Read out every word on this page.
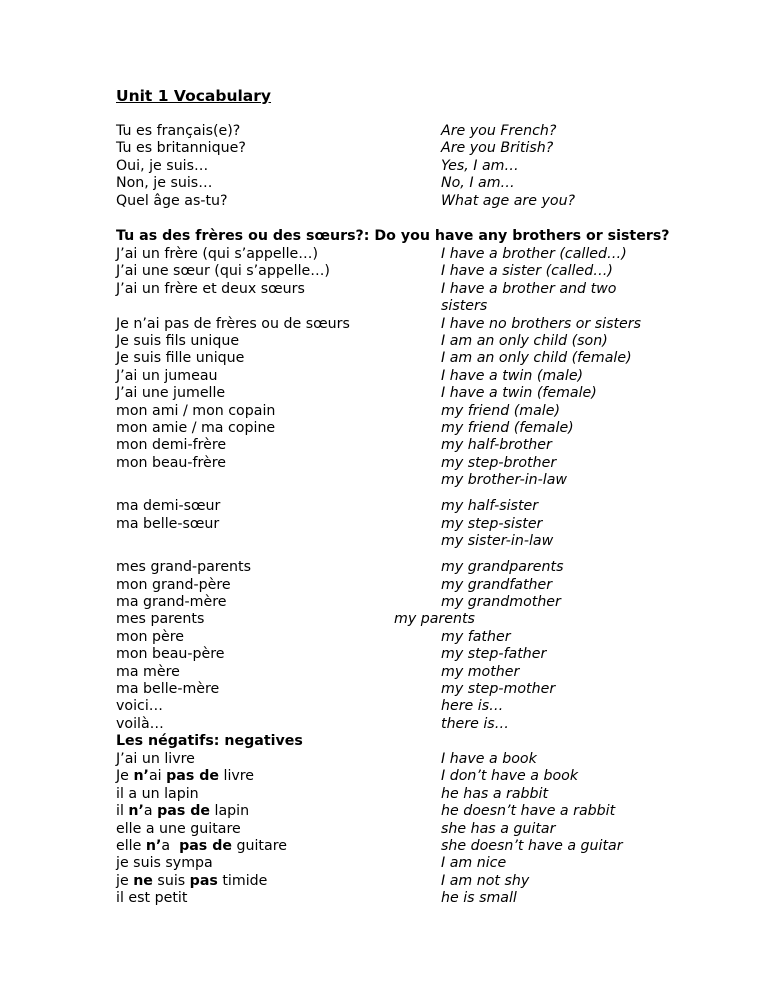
Unit 1 Vocabulary
Tu es français(e)?	Are you French?
Tu es britannique?	Are you British?
Oui, je suis…	Yes, I am…
Non, je suis…	No, I am…
Quel âge as-tu?	What age are you?
Tu as des frères ou des sœurs?: Do you have any brothers or sisters?
J’ai un frère (qui s’appelle…)	I have a brother (called…)
J’ai une sœur (qui s’appelle…)	I have a sister (called…)
J’ai un frère et deux sœurs	I have a brother and two
sisters
Je n’ai pas de frères ou de sœurs	I have no brothers or sisters
Je suis fils unique	I am an only child (son)
Je suis fille unique	I am an only child (female)
J’ai un jumeau	I have a twin (male)
J’ai une jumelle	I have a twin (female)
mon ami / mon copain	my friend (male)
mon amie / ma copine	my friend (female)
mon demi-frère	my half-brother
mon beau-frère	my step-brother
my brother-in-law
ma demi-sœur	my half-sister
ma belle-sœur	my step-sister
my sister-in-law
mes grand-parents	my grandparents
mon grand-père	my grandfather
ma grand-mère	my grandmother
mes parents	my parents
mon père	my father
mon beau-père	my step-father
ma mère	my mother
ma belle-mère	my step-mother
voici…	here is…
voilà…	there is…
Les négatifs: negatives
J’ai un livre	I have a book
Je n’ai pas de livre	I don’t have a book
il a un lapin	he has a rabbit
il n’a pas de lapin	he doesn’t have a rabbit
elle a une guitare	she has a guitar
elle n’a  pas de guitare	she doesn’t have a guitar
je suis sympa	I am nice
je ne suis pas timide	I am not shy
il est petit	he is small
